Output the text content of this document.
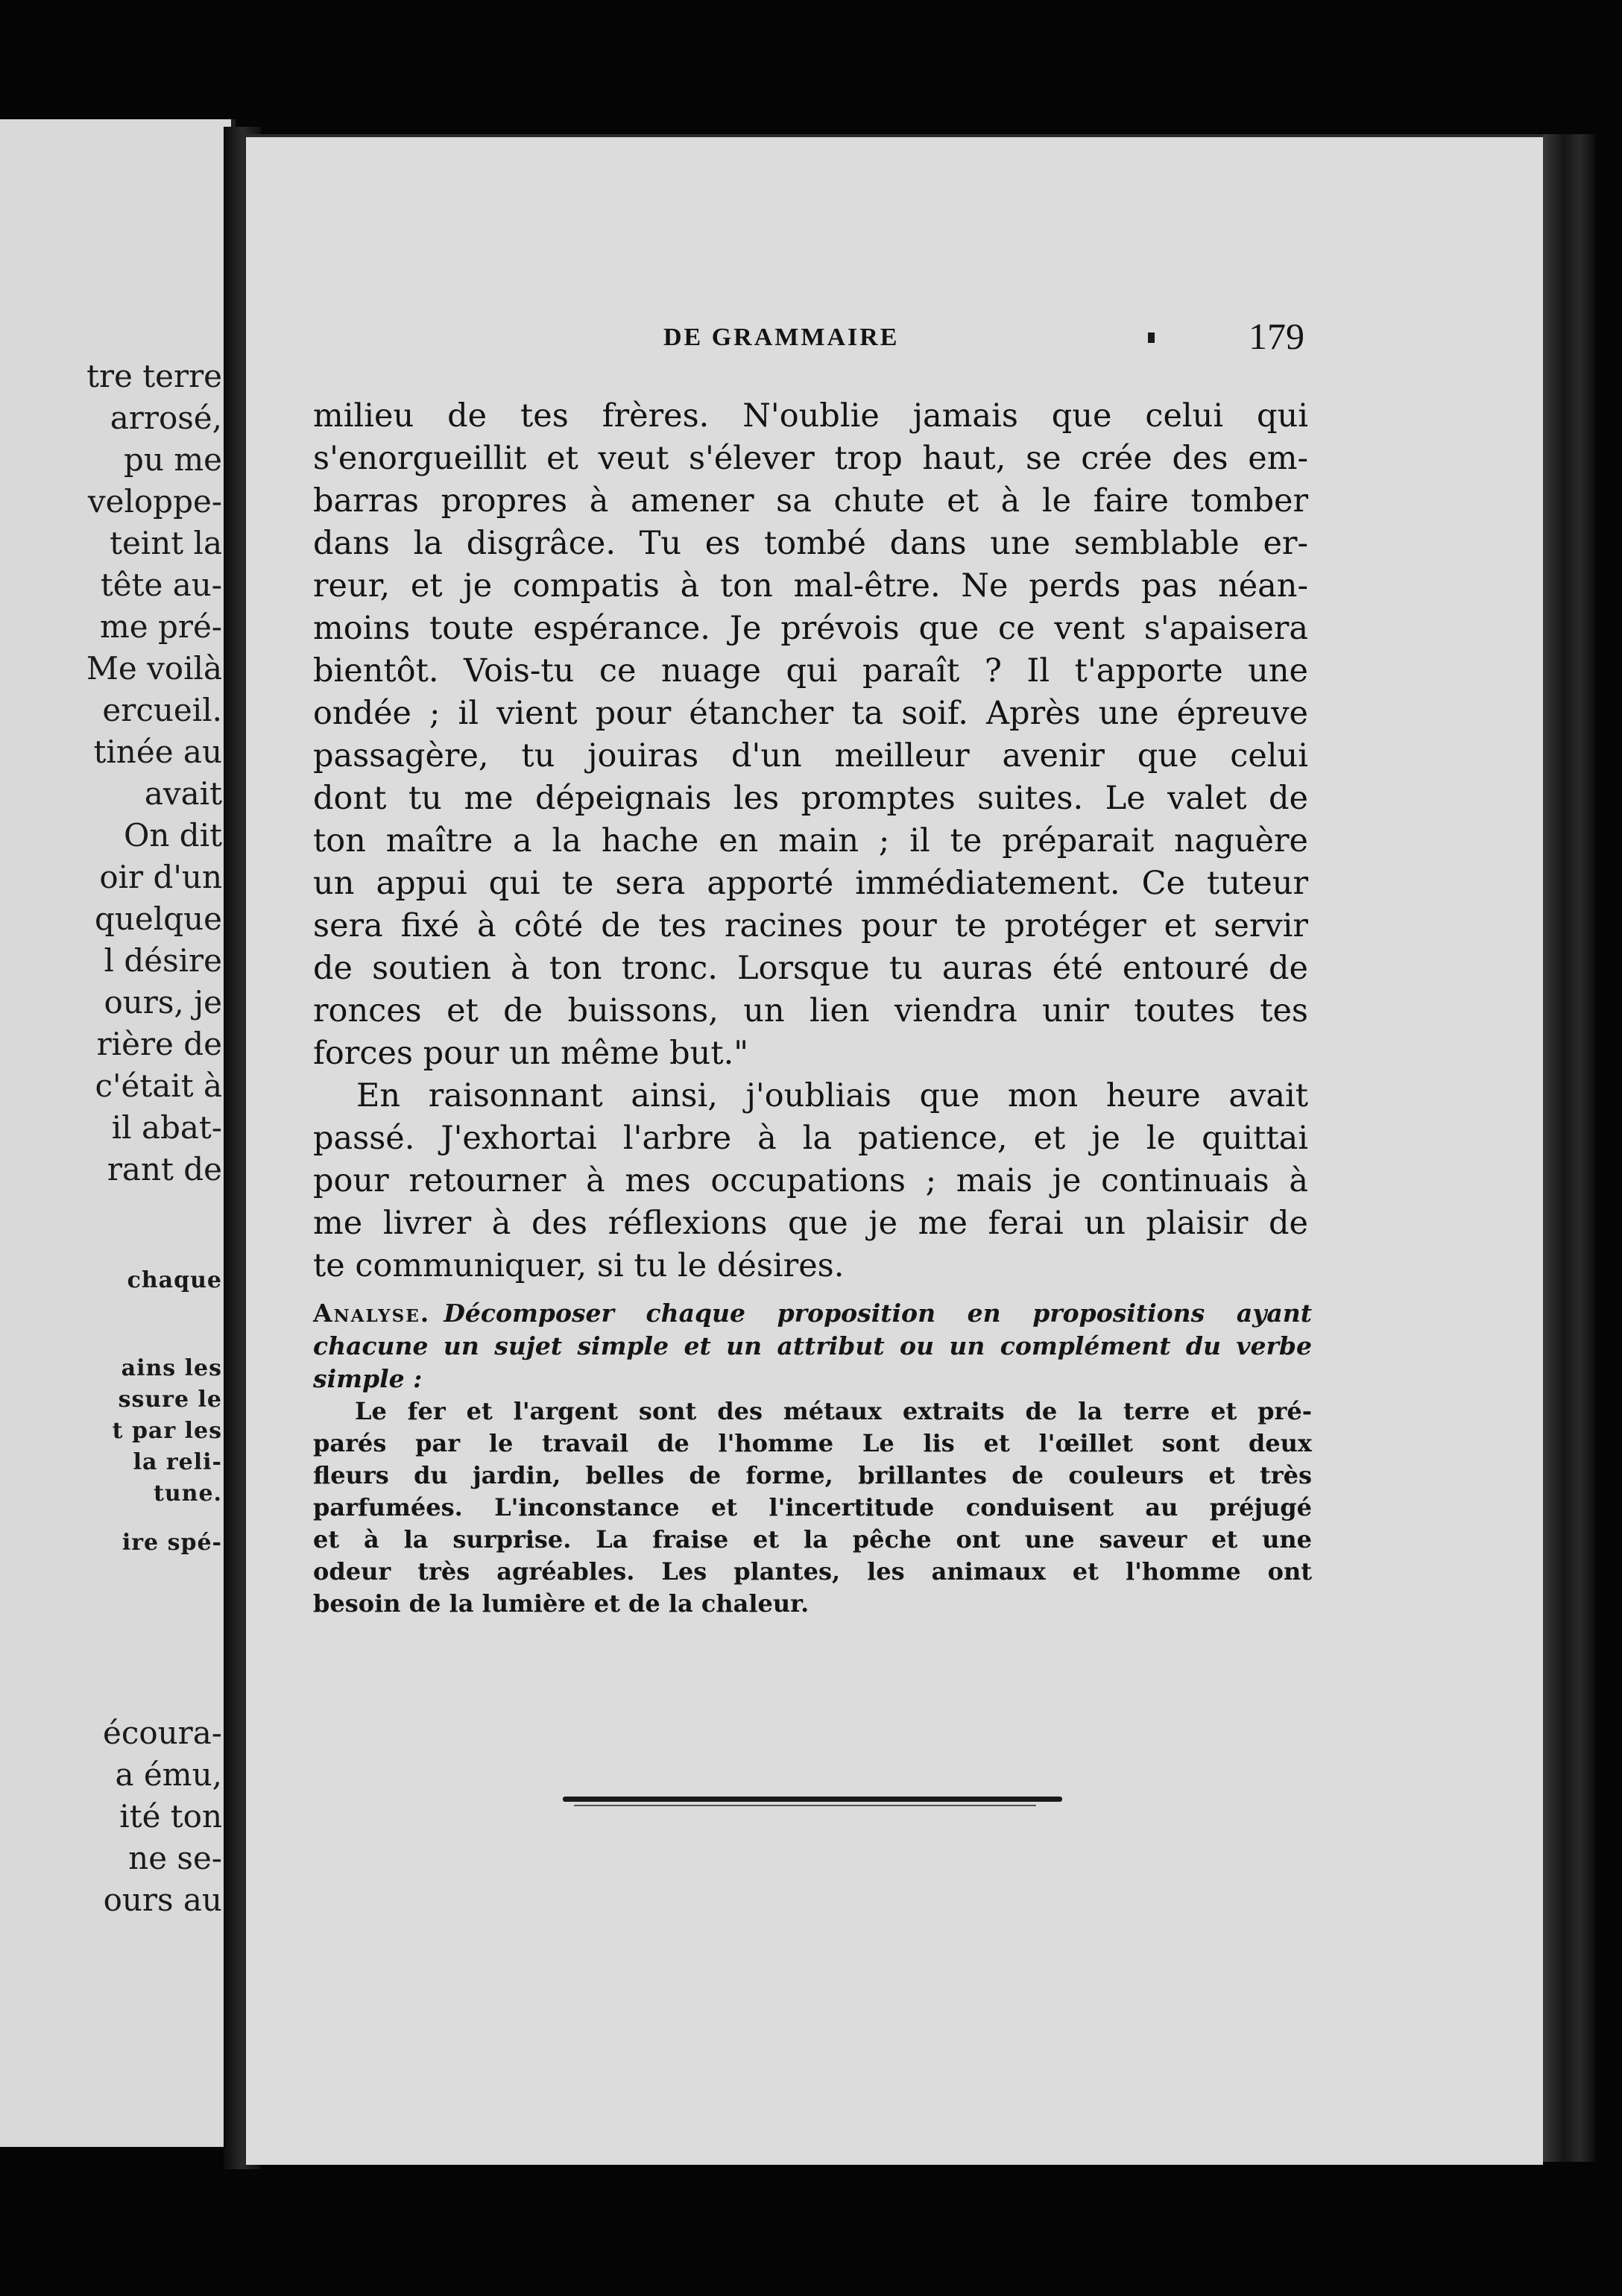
tre terre
arrosé,
pu me
veloppe-
teint la
tête au-
me pré-
Me voilà
ercueil.
tinée au
avait
On dit
oir d'un
quelque
l désire
ours, je
rière de
c'était à
il abat-
rant de
chaque
ains les
ssure le
t par les
la reli-
tune.
ire spé-
écoura-
a ému,
ité ton
ne se-
ours au
DE GRAMMAIRE	179
milieu de tes frères. N'oublie jamais que celui qui
s'enorgueillit et veut s'élever trop haut, se crée des em-
barras propres à amener sa chute et à le faire tomber
dans la disgrâce. Tu es tombé dans une semblable er-
reur, et je compatis à ton mal-être. Ne perds pas néan-
moins toute espérance. Je prévois que ce vent s'apaisera
bientôt. Vois-tu ce nuage qui paraît ? Il t'apporte une
ondée ; il vient pour étancher ta soif. Après une épreuve
passagère, tu jouiras d'un meilleur avenir que celui
dont tu me dépeignais les promptes suites. Le valet de
ton maître a la hache en main ; il te préparait naguère
un appui qui te sera apporté immédiatement. Ce tuteur
sera fixé à côté de tes racines pour te protéger et servir
de soutien à ton tronc. Lorsque tu auras été entouré de
ronces et de buissons, un lien viendra unir toutes tes
forces pour un même but."
En raisonnant ainsi, j'oubliais que mon heure avait
passé. J'exhortai l'arbre à la patience, et je le quittai
pour retourner à mes occupations ; mais je continuais à
me livrer à des réflexions que je me ferai un plaisir de
te communiquer, si tu le désires.
Analyse. Décomposer chaque proposition en propositions ayant
chacune un sujet simple et un attribut ou un complément du verbe
simple :
Le fer et l'argent sont des métaux extraits de la terre et pré-
parés par le travail de l'homme Le lis et l'œillet sont deux
fleurs du jardin, belles de forme, brillantes de couleurs et très
parfumées. L'inconstance et l'incertitude conduisent au préjugé
et à la surprise. La fraise et la pêche ont une saveur et une
odeur très agréables. Les plantes, les animaux et l'homme ont
besoin de la lumière et de la chaleur.
